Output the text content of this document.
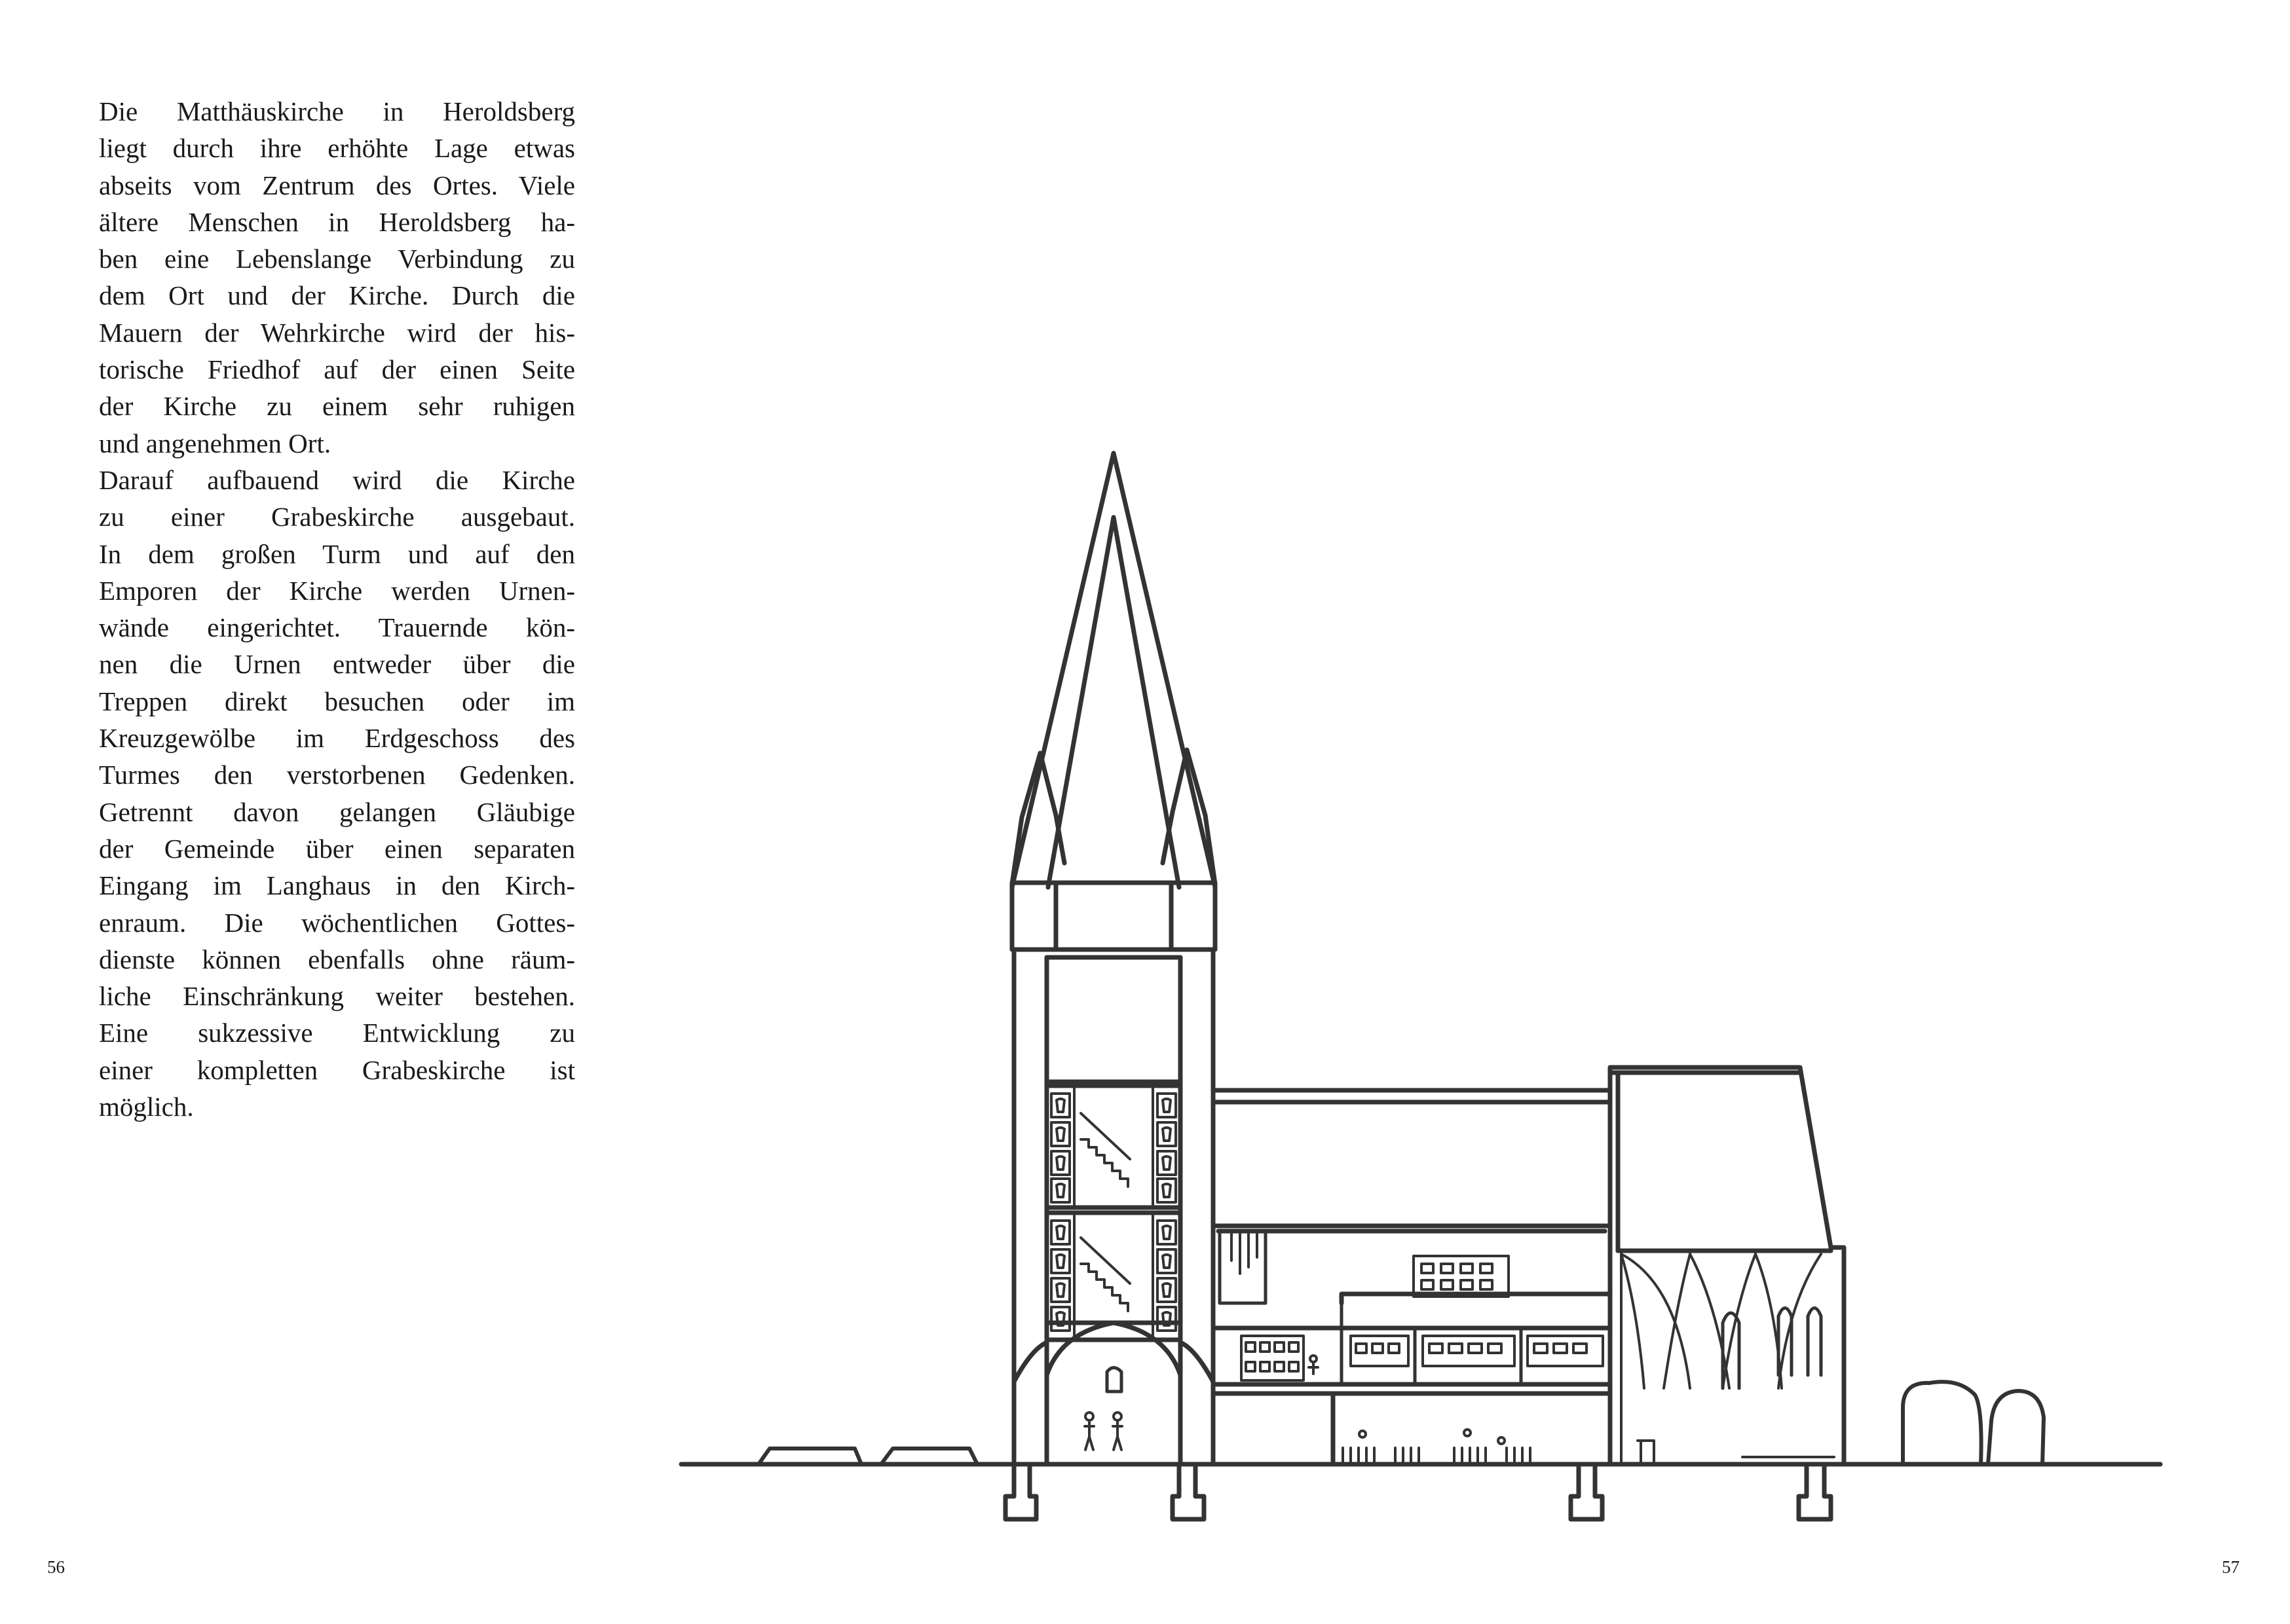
Die Matthäuskirche in Heroldsberg
liegt durch ihre erhöhte Lage etwas
abseits vom Zentrum des Ortes. Viele
ältere Menschen in Heroldsberg ha-
ben eine Lebenslange Verbindung zu
dem Ort und der Kirche. Durch die
Mauern der Wehrkirche wird der his-
torische Friedhof auf der einen Seite
der Kirche zu einem sehr ruhigen
und angenehmen Ort.
Darauf aufbauend wird die Kirche
zu einer Grabeskirche ausgebaut.
In dem großen Turm und auf den
Emporen der Kirche werden Urnen-
wände eingerichtet. Trauernde kön-
nen die Urnen entweder über die
Treppen direkt besuchen oder im
Kreuzgewölbe im Erdgeschoss des
Turmes den verstorbenen Gedenken.
Getrennt davon gelangen Gläubige
der Gemeinde über einen separaten
Eingang im Langhaus in den Kirch-
enraum. Die wöchentlichen Gottes-
dienste können ebenfalls ohne räum-
liche Einschränkung weiter bestehen.
Eine sukzessive Entwicklung zu
einer kompletten Grabeskirche ist
möglich.
56	57
